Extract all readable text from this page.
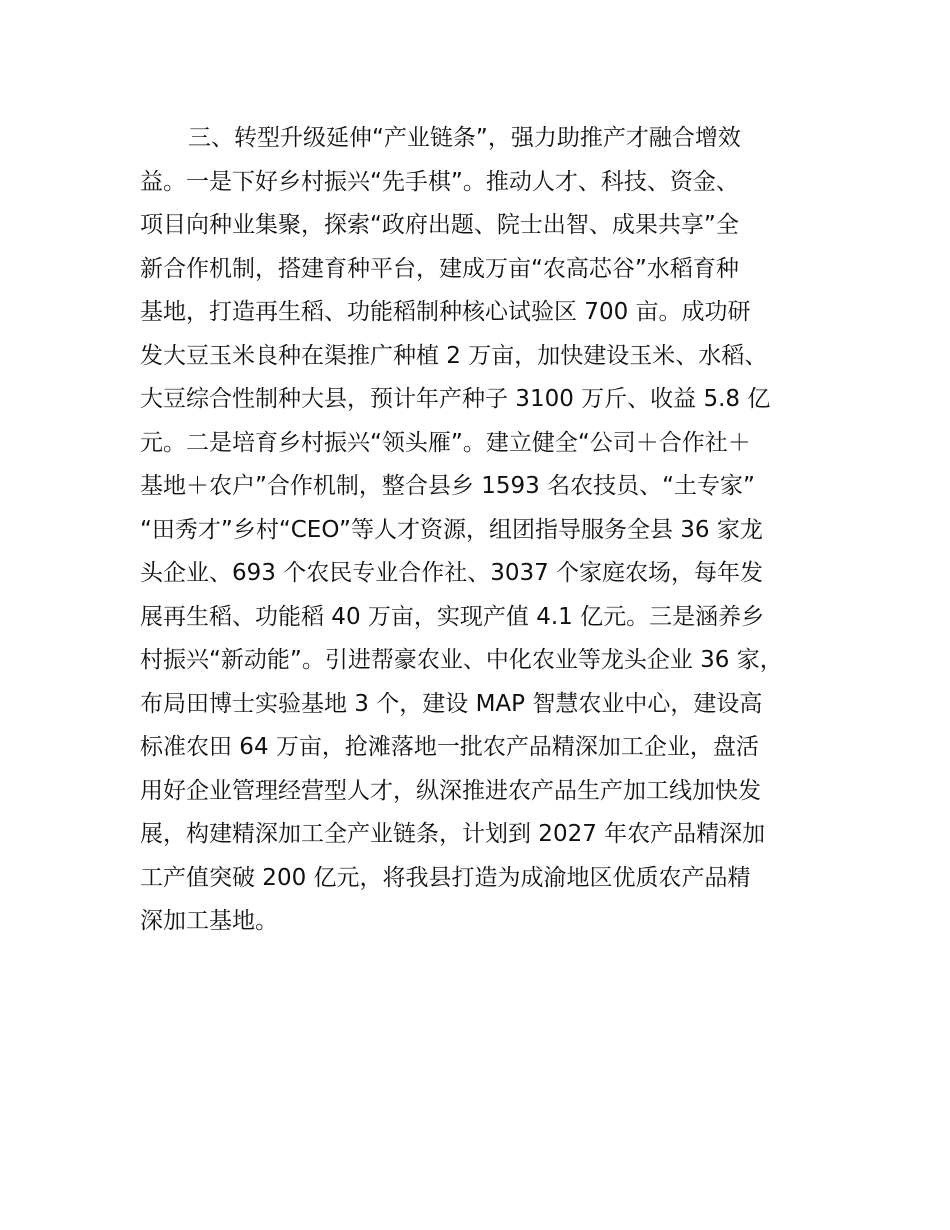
三、转型升级延伸“产业链条”，强力助推产才融合增效
益。一是下好乡村振兴“先手棋”。推动人才、科技、资金、
项目向种业集聚，探索“政府出题、院士出智、成果共享”全
新合作机制，搭建育种平台，建成万亩“农高芯谷”水稻育种
基地，打造再生稻、功能稻制种核心试验区 700 亩。成功研
发大豆玉米良种在渠推广种植 2 万亩，加快建设玉米、水稻、
大豆综合性制种大县，预计年产种子 3100 万斤、收益 5.8 亿
元。二是培育乡村振兴“领头雁”。建立健全“公司＋合作社＋
基地＋农户”合作机制，整合县乡 1593 名农技员、“土专家”
“田秀才”乡村“CEO”等人才资源，组团指导服务全县 36 家龙
头企业、693 个农民专业合作社、3037 个家庭农场，每年发
展再生稻、功能稻 40 万亩，实现产值 4.1 亿元。三是涵养乡
村振兴“新动能”。引进帮豪农业、中化农业等龙头企业 36 家，
布局田博士实验基地 3 个，建设 MAP 智慧农业中心，建设高
标准农田 64 万亩，抢滩落地一批农产品精深加工企业，盘活
用好企业管理经营型人才，纵深推进农产品生产加工线加快发
展，构建精深加工全产业链条，计划到 2027 年农产品精深加
工产值突破 200 亿元，将我县打造为成渝地区优质农产品精
深加工基地。
